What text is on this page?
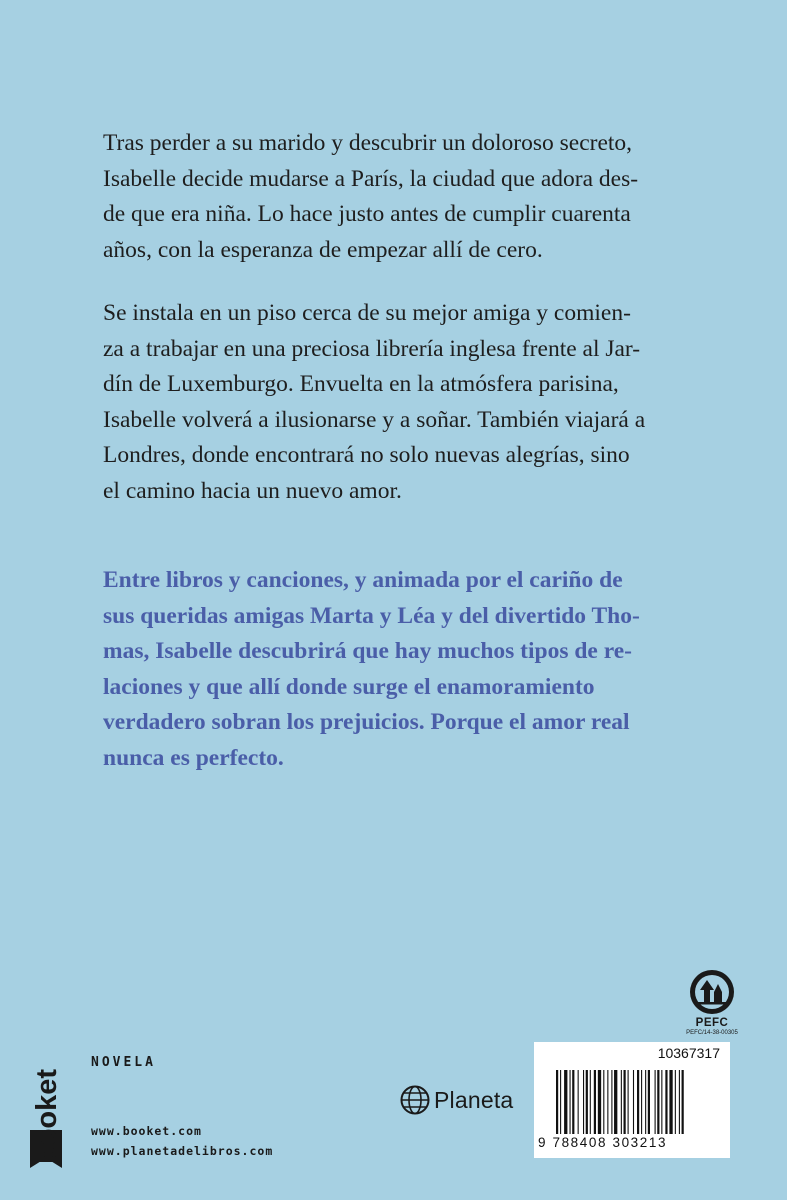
Tras perder a su marido y descubrir un doloroso secreto,
Isabelle decide mudarse a París, la ciudad que adora des-
de que era niña. Lo hace justo antes de cumplir cuarenta
años, con la esperanza de empezar allí de cero.

Se instala en un piso cerca de su mejor amiga y comien-
za a trabajar en una preciosa librería inglesa frente al Jar-
dín de Luxemburgo. Envuelta en la atmósfera parisina,
Isabelle volverá a ilusionarse y a soñar. También viajará a
Londres, donde encontrará no solo nuevas alegrías, sino
el camino hacia un nuevo amor.

Entre libros y canciones, y animada por el cariño de
sus queridas amigas Marta y Léa y del divertido Tho-
mas, Isabelle descubrirá que hay muchos tipos de re-
laciones y que allí donde surge el enamoramiento
verdadero sobran los prejuicios. Porque el amor real
nunca es perfecto.

PEFC
PEFC/14-38-00305
booket
NOVELA
www.booket.com
www.planetadelibros.com
Planeta
10367317
9 788408 303213
